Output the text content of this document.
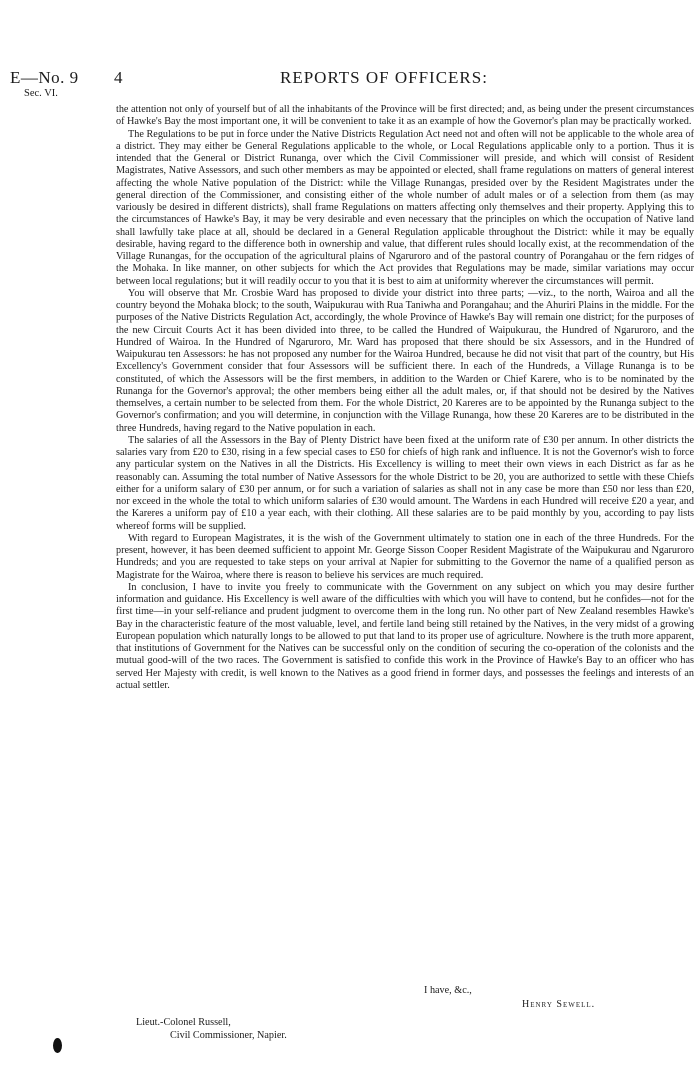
E—No. 9
Sec. VI.
4	REPORTS OF OFFICERS:

the attention not only of yourself but of all the inhabitants of the Province will be first directed; and, as being under the present circumstances of Hawke's Bay the most important one, it will be convenient to take it as an example of how the Governor's plan may be practically worked.

The Regulations to be put in force under the Native Districts Regulation Act need not and often will not be applicable to the whole area of a district. They may either be General Regulations applicable to the whole, or Local Regulations applicable only to a portion. Thus it is intended that the General or District Runanga, over which the Civil Commissioner will preside, and which will consist of Resident Magistrates, Native Assessors, and such other members as may be appointed or elected, shall frame regulations on matters of general interest affecting the whole Native population of the District: while the Village Runangas, presided over by the Resident Magistrates under the general direction of the Commissioner, and consisting either of the whole number of adult males or of a selection from them (as may variously be desired in different districts), shall frame Regulations on matters affecting only themselves and their property. Applying this to the circumstances of Hawke's Bay, it may be very desirable and even necessary that the principles on which the occupation of Native land shall lawfully take place at all, should be declared in a General Regulation applicable throughout the District: while it may be equally desirable, having regard to the difference both in ownership and value, that different rules should locally exist, at the recommendation of the Village Runangas, for the occupation of the agricultural plains of Ngaruroro and of the pastoral country of Porangahau or the fern ridges of the Mohaka. In like manner, on other subjects for which the Act provides that Regulations may be made, similar variations may occur between local regulations; but it will readily occur to you that it is best to aim at uniformity wherever the circumstances will permit.

You will observe that Mr. Crosbie Ward has proposed to divide your district into three parts; —viz., to the north, Wairoa and all the country beyond the Mohaka block; to the south, Waipukurau with Rua Taniwha and Porangahau; and the Ahuriri Plains in the middle. For the purposes of the Native Districts Regulation Act, accordingly, the whole Province of Hawke's Bay will remain one district; for the purposes of the new Circuit Courts Act it has been divided into three, to be called the Hundred of Waipukurau, the Hundred of Ngaruroro, and the Hundred of Wairoa. In the Hundred of Ngaruroro, Mr. Ward has proposed that there should be six Assessors, and in the Hundred of Waipukurau ten Assessors: he has not proposed any number for the Wairoa Hundred, because he did not visit that part of the country, but His Excellency's Government consider that four Assessors will be sufficient there. In each of the Hundreds, a Village Runanga is to be constituted, of which the Assessors will be the first members, in addition to the Warden or Chief Karere, who is to be nominated by the Runanga for the Governor's approval; the other members being either all the adult males, or, if that should not be desired by the Natives themselves, a certain number to be selected from them. For the whole District, 20 Kareres are to be appointed by the Runanga subject to the Governor's confirmation; and you will determine, in conjunction with the Village Runanga, how these 20 Kareres are to be distributed in the three Hundreds, having regard to the Native population in each.

The salaries of all the Assessors in the Bay of Plenty District have been fixed at the uniform rate of £30 per annum. In other districts the salaries vary from £20 to £30, rising in a few special cases to £50 for chiefs of high rank and influence. It is not the Governor's wish to force any particular system on the Natives in all the Districts. His Excellency is willing to meet their own views in each District as far as he reasonably can. Assuming the total number of Native Assessors for the whole District to be 20, you are authorized to settle with these Chiefs either for a uniform salary of £30 per annum, or for such a variation of salaries as shall not in any case be more than £50 nor less than £20, nor exceed in the whole the total to which uniform salaries of £30 would amount. The Wardens in each Hundred will receive £20 a year, and the Kareres a uniform pay of £10 a year each, with their clothing. All these salaries are to be paid monthly by you, according to pay lists whereof forms will be supplied.

With regard to European Magistrates, it is the wish of the Government ultimately to station one in each of the three Hundreds. For the present, however, it has been deemed sufficient to appoint Mr. George Sisson Cooper Resident Magistrate of the Waipukurau and Ngaruroro Hundreds; and you are requested to take steps on your arrival at Napier for submitting to the Governor the name of a qualified person as Magistrate for the Wairoa, where there is reason to believe his services are much required.

In conclusion, I have to invite you freely to communicate with the Government on any subject on which you may desire further information and guidance. His Excellency is well aware of the difficulties with which you will have to contend, but he confides—not for the first time—in your self-reliance and prudent judgment to overcome them in the long run. No other part of New Zealand resembles Hawke's Bay in the characteristic feature of the most valuable, level, and fertile land being still retained by the Natives, in the very midst of a growing European population which naturally longs to be allowed to put that land to its proper use of agriculture. Nowhere is the truth more apparent, that institutions of Government for the Natives can be successful only on the condition of securing the co-operation of the colonists and the mutual good-will of the two races. The Government is satisfied to confide this work in the Province of Hawke's Bay to an officer who has served Her Majesty with credit, is well known to the Natives as a good friend in former days, and possesses the feelings and interests of an actual settler.

I have, &c.,
Henry Sewell.
Lieut.-Colonel Russell,
Civil Commissioner, Napier.
